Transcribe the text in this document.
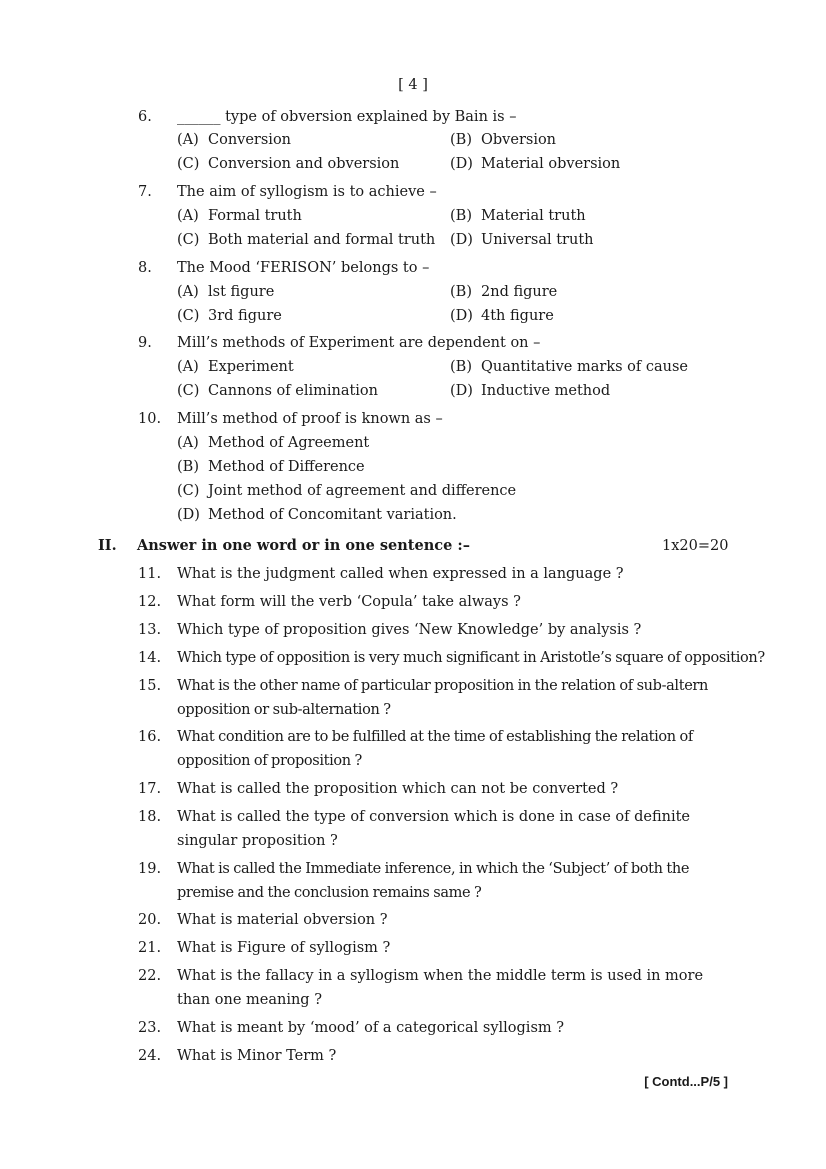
[ 4 ]
6. ______ type of obversion explained by Bain is –
(A) Conversion	(B) Obversion
(C) Conversion and obversion	(D) Material obversion
7. The aim of syllogism is to achieve –
(A) Formal truth	(B) Material truth
(C) Both material and formal truth (D) Universal truth
8. The Mood ‘FERISON’ belongs to –
(A) lst figure	(B) 2nd figure
(C) 3rd figure	(D) 4th figure
9. Mill’s methods of Experiment are dependent on –
(A) Experiment	(B) Quantitative marks of cause
(C) Cannons of elimination	(D) Inductive method
10. Mill’s method of proof is known as –
(A) Method of Agreement
(B) Method of Difference
(C) Joint method of agreement and difference
(D) Method of Concomitant variation.
II. Answer in one word or in one sentence :–	1x20=20
11. What is the judgment called when expressed in a language ?
12. What form will the verb ‘Copula’ take always ?
13. Which type of proposition gives ‘New Knowledge’ by analysis ?
14. Which type of opposition is very much significant in Aristotle’s square of opposition?
15. What is the other name of particular proposition in the relation of sub-altern opposition or sub-alternation ?
16. What condition are to be fulfilled at the time of establishing the relation of opposition of proposition ?
17. What is called the proposition which can not be converted ?
18. What is called the type of conversion which is done in case of definite singular proposition ?
19. What is called the Immediate inference, in which the ‘Subject’ of both the premise and the conclusion remains same ?
20. What is material obversion ?
21. What is Figure of syllogism ?
22. What is the fallacy in a syllogism when the middle term is used in more than one meaning ?
23. What is meant by ‘mood’ of a categorical syllogism ?
24. What is Minor Term ?
[ Contd...P/5 ]
